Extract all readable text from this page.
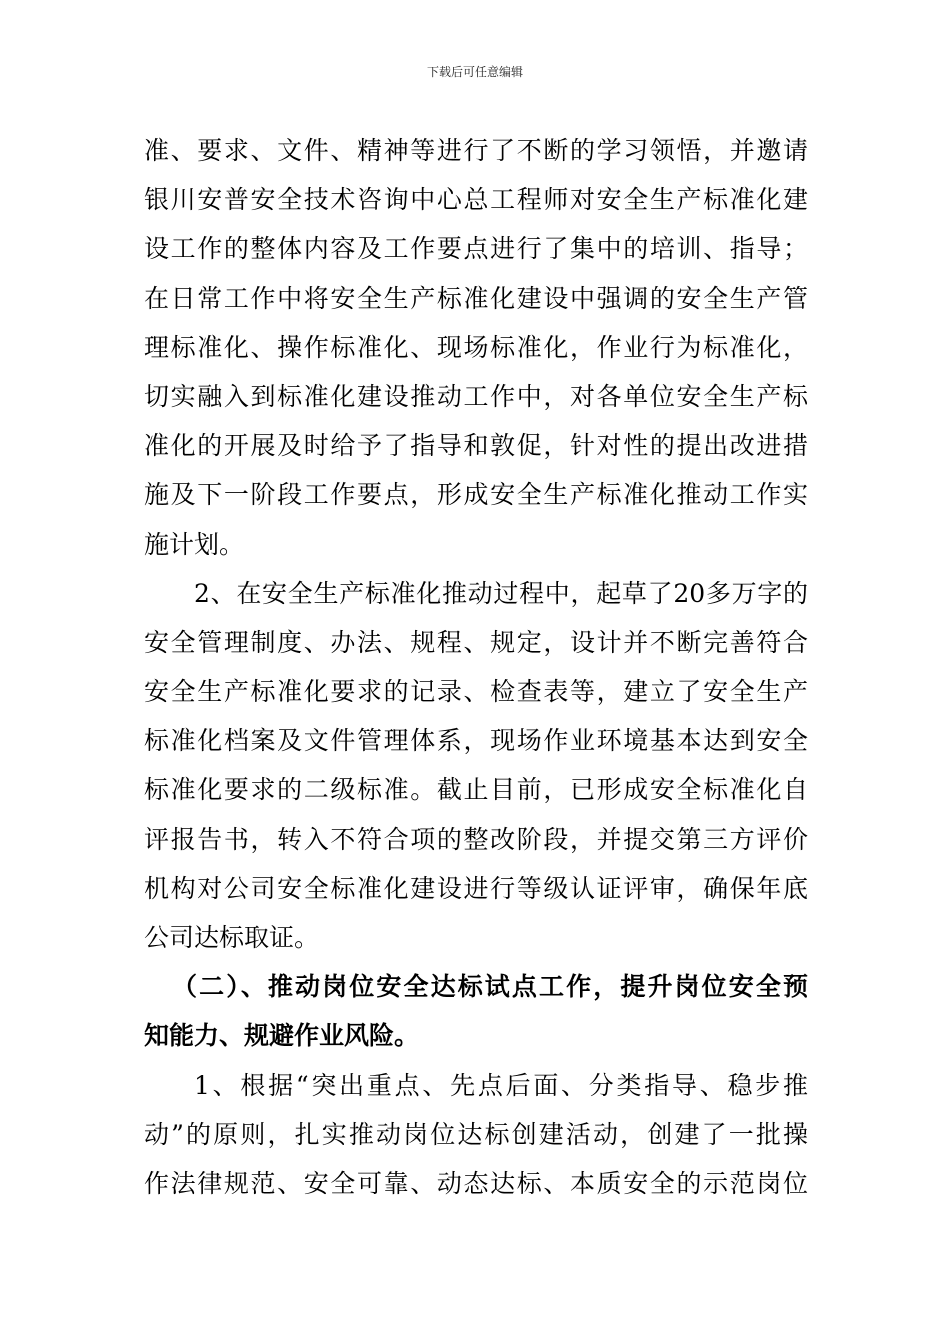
下载后可任意编辑
准、要求、文件、精神等进行了不断的学习领悟，并邀请
银川安普安全技术咨询中心总工程师对安全生产标准化建
设工作的整体内容及工作要点进行了集中的培训、指导；
在日常工作中将安全生产标准化建设中强调的安全生产管
理标准化、操作标准化、现场标准化，作业行为标准化，
切实融入到标准化建设推动工作中，对各单位安全生产标
准化的开展及时给予了指导和敦促，针对性的提出改进措
施及下一阶段工作要点，形成安全生产标准化推动工作实
施计划。
2、在安全生产标准化推动过程中，起草了20多万字的
安全管理制度、办法、规程、规定，设计并不断完善符合
安全生产标准化要求的记录、检查表等，建立了安全生产
标准化档案及文件管理体系，现场作业环境基本达到安全
标准化要求的二级标准。截止目前，已形成安全标准化自
评报告书，转入不符合项的整改阶段，并提交第三方评价
机构对公司安全标准化建设进行等级认证评审，确保年底
公司达标取证。
（二）、推动岗位安全达标试点工作，提升岗位安全预
知能力、规避作业风险。
1、根据“突出重点、先点后面、分类指导、稳步推
动”的原则，扎实推动岗位达标创建活动，创建了一批操
作法律规范、安全可靠、动态达标、本质安全的示范岗位
